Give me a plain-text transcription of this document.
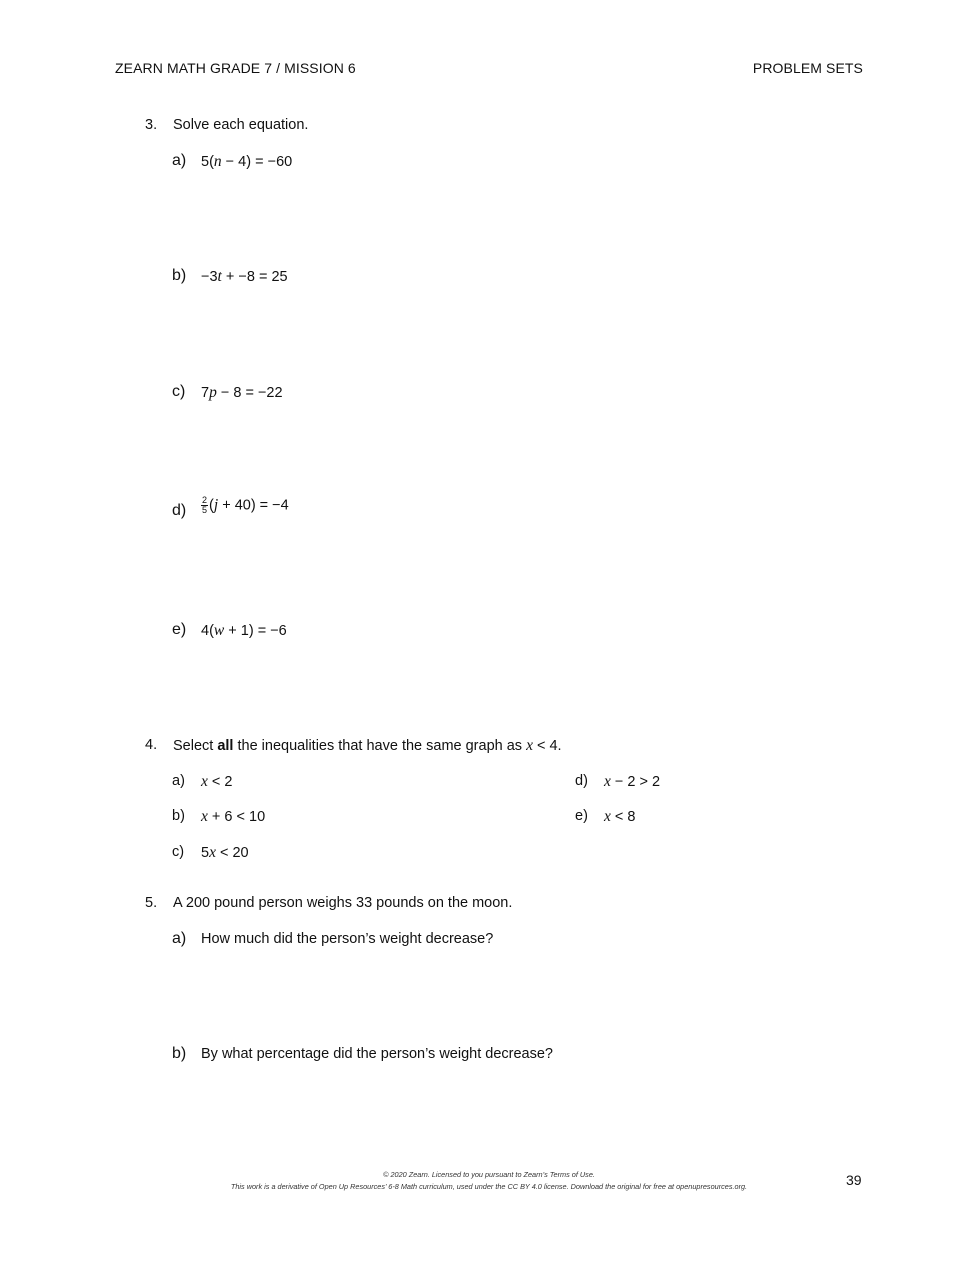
ZEARN MATH GRADE 7 / MISSION 6	PROBLEM SETS
3. Solve each equation.
a) 5(n − 4) = −60
b) −3t + −8 = 25
c) 7p − 8 = −22
$d) \frac{2}{5} (j + 40) = -4$
e) 4(w + 1) = −6
4. Select all the inequalities that have the same graph as x < 4.
a) x < 2
b) x + 6 < 10
c) 5x < 20
d) x − 2 > 2
e) x < 8
5. A 200 pound person weighs 33 pounds on the moon.
a) How much did the person’s weight decrease?
b) By what percentage did the person’s weight decrease?
© 2020 Zearn. Licensed to you pursuant to Zearn’s Terms of Use.
This work is a derivative of Open Up Resources’ 6-8 Math curriculum, used under the CC BY 4.0 license. Download the original for free at openupresources.org.	39
